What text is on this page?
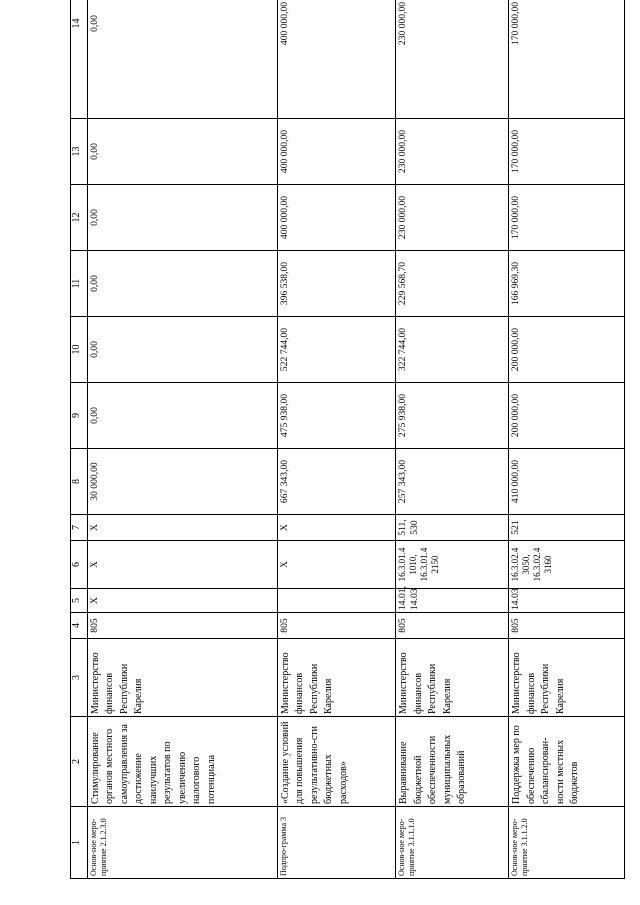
1	2	3	4	5	6	7	8	9	10	11	12	13	14
Основ-ное меро-приятие 2.1.2.3.0	Стимулирование органов местного самоуправления за достижение наилучших результатов по увеличению налогового потенциала	Министерство финансов Республики Карелия	805	X	X	X	30 000,00	0,00	0,00	0,00	0,00	0,00	0,00
Подпро-грамма 3	«Создание условий для повышения результативно-сти бюджетных расходов»	Министерство финансов Республики Карелия	805		X	X	667 343,00	475 938,00	522 744,00	396 538,00	400 000,00	400 000,00	400 000,00
Основ-ное меро-приятие 3.1.1.1.0	Выравнивание бюджетной обеспеченности муниципальных образований	Министерство финансов Республики Карелия	805	14.01, 14.03	16.3.01.4 1010, 16.3.01.4 2150	511, 530	257 343,00	275 938,00	322 744,00	229 568,70	230 000,00	230 000,00	230 000,00
Основ-ное меро-приятие 3.1.1.2.0	Поддержка мер по обеспечению сбалансирован-ности местных бюджетов	Министерство финансов Республики Карелия	805	14.03	16.3.02.4 3050, 16.3.02.4 3160	521	410 000,00	200 000,00	200 000,00	166 969,30	170 000,00	170 000,00	170 000,00
